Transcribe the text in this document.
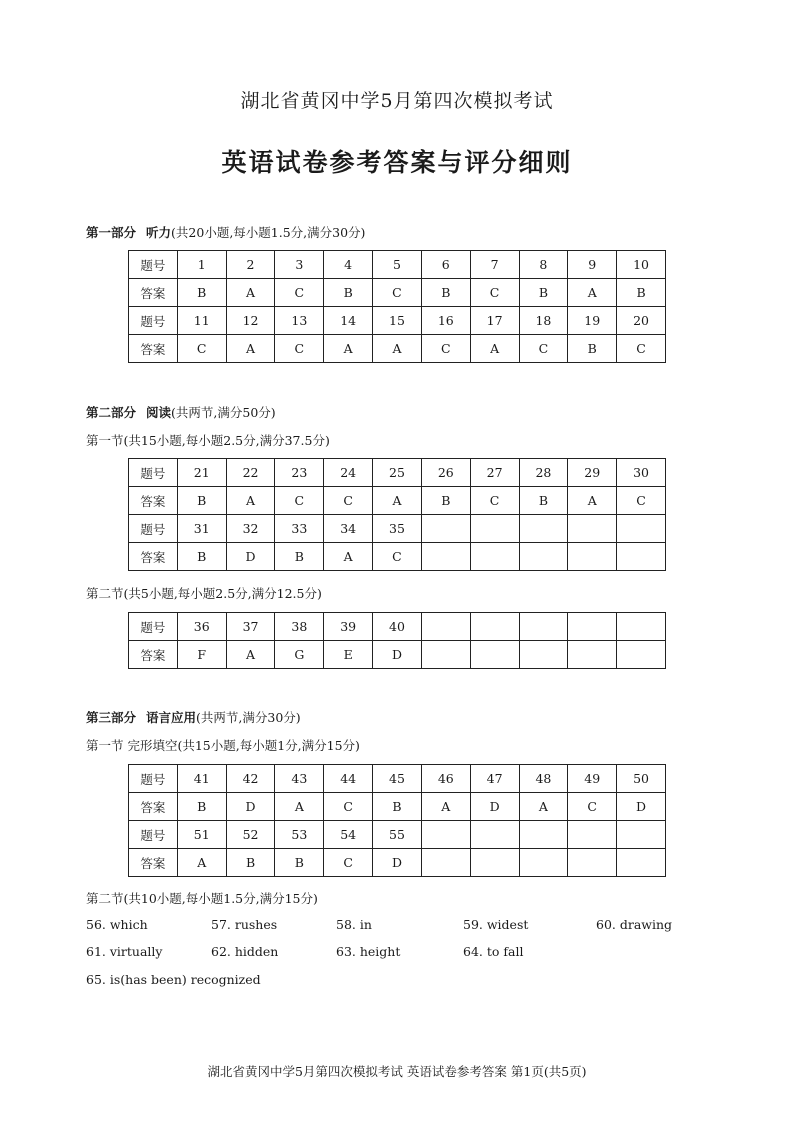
湖北省黄冈中学5月第四次模拟考试
英语试卷参考答案与评分细则
第一部分 听力(共20小题,每小题1.5分,满分30分)
题号	1	2	3	4	5	6	7	8	9	10
答案	B	A	C	B	C	B	C	B	A	B
题号	11	12	13	14	15	16	17	18	19	20
答案	C	A	C	A	A	C	A	C	B	C
第二部分 阅读(共两节,满分50分)
第一节(共15小题,每小题2.5分,满分37.5分)
题号	21	22	23	24	25	26	27	28	29	30
答案	B	A	C	C	A	B	C	B	A	C
题号	31	32	33	34	35					
答案	B	D	B	A	C					
第二节(共5小题,每小题2.5分,满分12.5分)
题号	36	37	38	39	40					
答案	F	A	G	E	D					
第三部分 语言应用(共两节,满分30分)
第一节 完形填空(共15小题,每小题1分,满分15分)
题号	41	42	43	44	45	46	47	48	49	50
答案	B	D	A	C	B	A	D	A	C	D
题号	51	52	53	54	55					
答案	A	B	B	C	D					
第二节(共10小题,每小题1.5分,满分15分)
56. which	57. rushes	58. in	59. widest	60. drawing
61. virtually	62. hidden	63. height	64. to fall
65. is(has been) recognized
湖北省黄冈中学5月第四次模拟考试 英语试卷参考答案 第1页(共5页)
